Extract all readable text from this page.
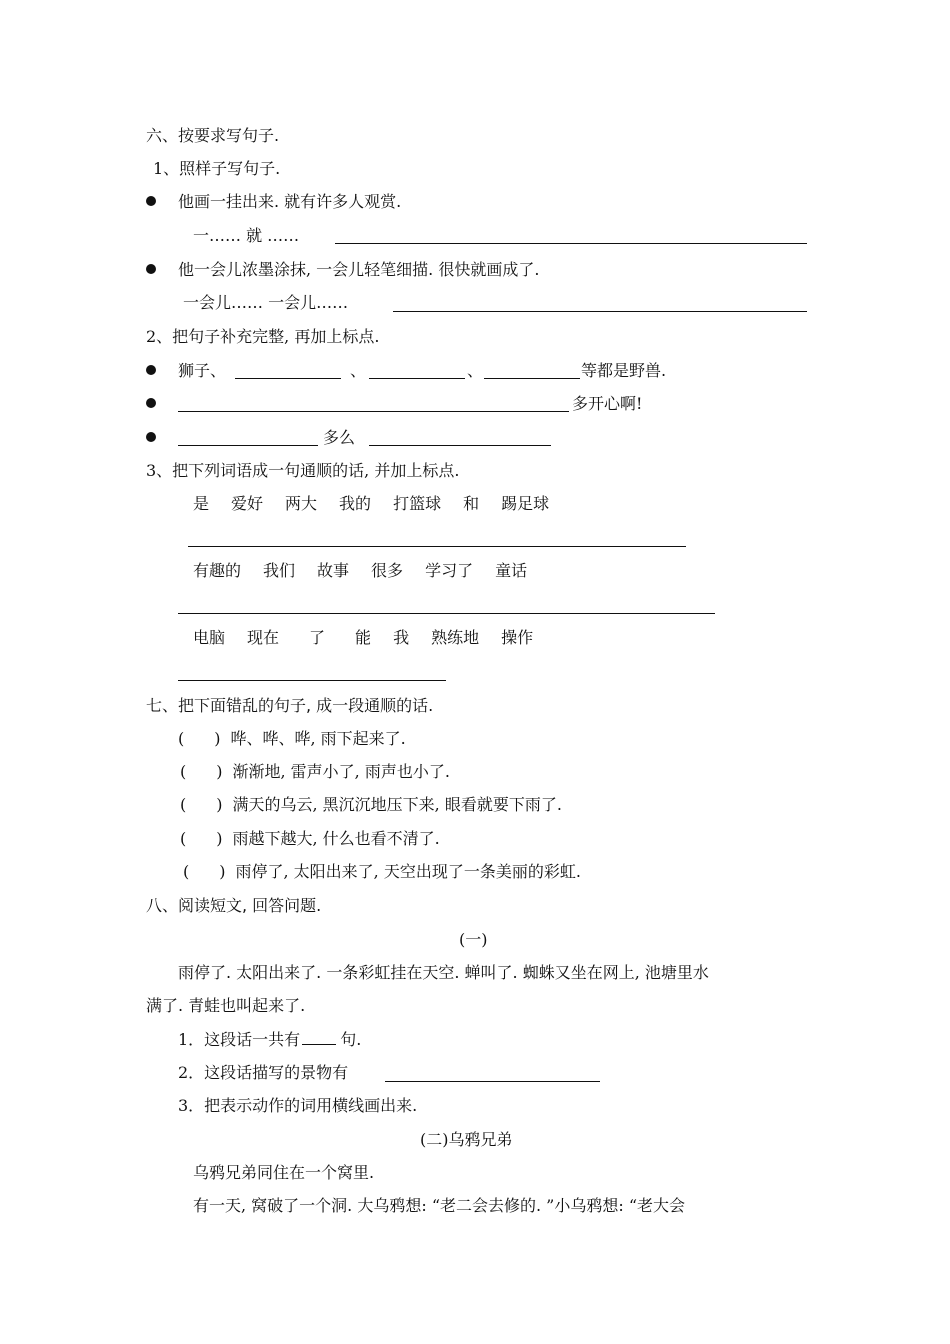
六、按要求写句子.
1、照样子写句子.
他画一挂出来. 就有许多人观赏.
一…… 就 ……
他一会儿浓墨涂抹, 一会儿轻笔细描. 很快就画成了.
一会儿…… 一会儿……
2、把句子补充完整, 再加上标点.
狮子、	、	、	等都是野兽.
多开心啊!
多么
3、把下列词语成一句通顺的话, 并加上标点.
是 爱好 两大 我的 打篮球 和 踢足球
有趣的 我们 故事 很多 学习了 童话
电脑 现在 了 能 我 熟练地 操作
七、把下面错乱的句子, 成一段通顺的话.
( ) 哗、哗、哗, 雨下起来了.
( ) 渐渐地, 雷声小了, 雨声也小了.
( ) 满天的乌云, 黑沉沉地压下来, 眼看就要下雨了.
( ) 雨越下越大, 什么也看不清了.
( ) 雨停了, 太阳出来了, 天空出现了一条美丽的彩虹.
八、阅读短文, 回答问题.
(一)
雨停了. 太阳出来了. 一条彩虹挂在天空. 蝉叫了. 蜘蛛又坐在网上, 池塘里水
满了. 青蛙也叫起来了.
1．这段话一共有	句.
2．这段话描写的景物有
3．把表示动作的词用横线画出来.
(二)乌鸦兄弟
乌鸦兄弟同住在一个窝里.
有一天, 窝破了一个洞. 大乌鸦想: “老二会去修的. ”小乌鸦想: “老大会
